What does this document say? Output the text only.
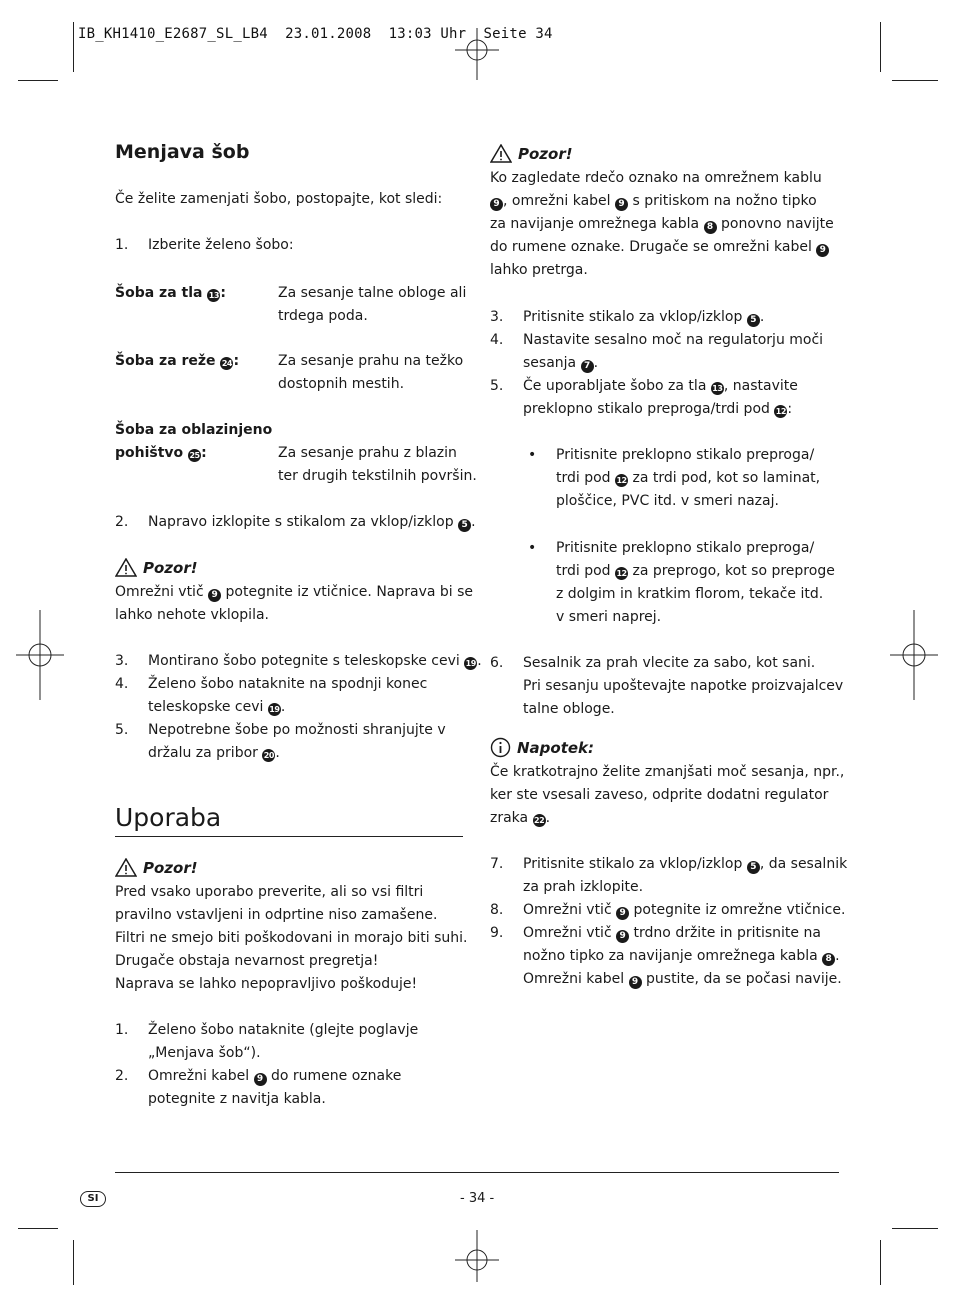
IB_KH1410_E2687_SL_LB4  23.01.2008  13:03 Uhr  Seite 34
Menjava šob
Če želite zamenjati šobo, postopajte, kot sledi:
1. Izberite želeno šobo:
Šoba za tla 13:	Za sesanje talne obloge ali
trdega poda.
Šoba za reže 24:	Za sesanje prahu na težko
dostopnih mestih.
Šoba za oblazinjeno
pohištvo 25:	Za sesanje prahu z blazin
ter drugih tekstilnih površin.
2. Napravo izklopite s stikalom za vklop/izklop 5 .
Pozor!
Omrežni vtič 9 potegnite iz vtičnice. Naprava bi se
lahko nehote vklopila.
3. Montirano šobo potegnite s teleskopske cevi 19.
4. Želeno šobo nataknite na spodnji konec
teleskopske cevi 19.
5. Nepotrebne šobe po možnosti shranjujte v
držalu za pribor 20.
Uporaba
Pozor!
Pred vsako uporabo preverite, ali so vsi filtri
pravilno vstavljeni in odprtine niso zamašene.
Filtri ne smejo biti poškodovani in morajo biti suhi.
Drugače obstaja nevarnost pregretja!
Naprava se lahko nepopravljivo poškoduje!
1. Želeno šobo nataknite (glejte poglavje
„Menjava šob“).
2. Omrežni kabel 9 do rumene oznake
potegnite z navitja kabla.
Pozor!
Ko zagledate rdečo oznako na omrežnem kablu
9 , omrežni kabel 9 s pritiskom na nožno tipko
za navijanje omrežnega kabla 8 ponovno navijte
do rumene oznake. Drugače se omrežni kabel 9
lahko pretrga.
3. Pritisnite stikalo za vklop/izklop 5 .
4. Nastavite sesalno moč na regulatorju moči
sesanja 7 .
5. Če uporabljate šobo za tla 13, nastavite
preklopno stikalo preproga/trdi pod 12:
• Pritisnite preklopno stikalo preproga/
trdi pod 12 za trdi pod, kot so laminat,
ploščice, PVC itd. v smeri nazaj.
• Pritisnite preklopno stikalo preproga/
trdi pod 12 za preprogo, kot so preproge
z dolgim in kratkim florom, tekače itd.
v smeri naprej.
6. Sesalnik za prah vlecite za sabo, kot sani.
Pri sesanju upoštevajte napotke proizvajalcev
talne obloge.
Napotek:
Če kratkotrajno želite zmanjšati moč sesanja, npr.,
ker ste vsesali zaveso, odprite dodatni regulator
zraka 22.
7. Pritisnite stikalo za vklop/izklop 5 , da sesalnik
za prah izklopite.
8. Omrežni vtič 9 potegnite iz omrežne vtičnice.
9. Omrežni vtič 9 trdno držite in pritisnite na
nožno tipko za navijanje omrežnega kabla 8 .
Omrežni kabel 9 pustite, da se počasi navije.
SI	- 34 -
